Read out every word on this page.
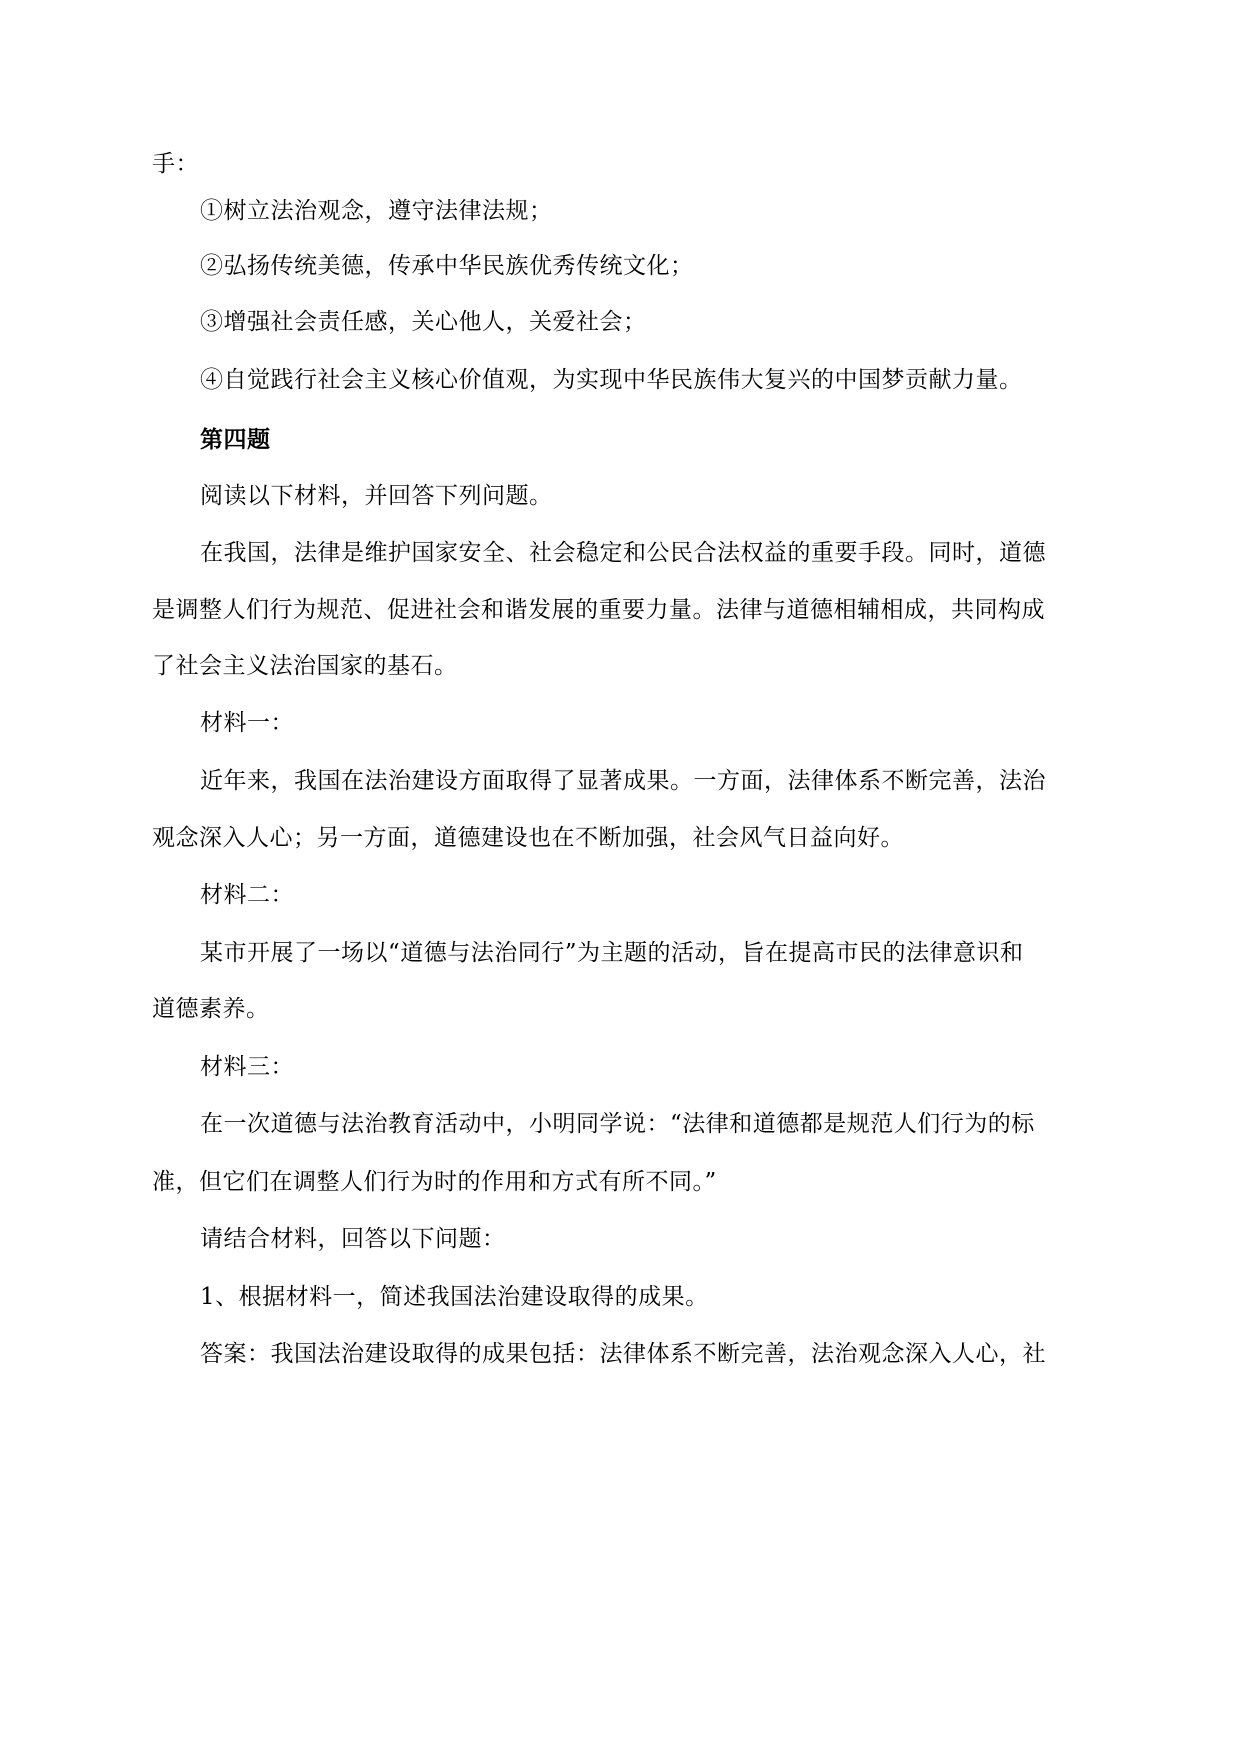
手：
①树立法治观念，遵守法律法规；
②弘扬传统美德，传承中华民族优秀传统文化；
③增强社会责任感，关心他人，关爱社会；
④自觉践行社会主义核心价值观，为实现中华民族伟大复兴的中国梦贡献力量。
第四题
阅读以下材料，并回答下列问题。
在我国，法律是维护国家安全、社会稳定和公民合法权益的重要手段。同时，道德
是调整人们行为规范、促进社会和谐发展的重要力量。法律与道德相辅相成，共同构成
了社会主义法治国家的基石。
材料一：
近年来，我国在法治建设方面取得了显著成果。一方面，法律体系不断完善，法治
观念深入人心；另一方面，道德建设也在不断加强，社会风气日益向好。
材料二：
某市开展了一场以“道德与法治同行”为主题的活动，旨在提高市民的法律意识和
道德素养。
材料三：
在一次道德与法治教育活动中，小明同学说：“法律和道德都是规范人们行为的标
准，但它们在调整人们行为时的作用和方式有所不同。”
请结合材料，回答以下问题：
1、根据材料一，简述我国法治建设取得的成果。
答案：我国法治建设取得的成果包括：法律体系不断完善，法治观念深入人心，社
